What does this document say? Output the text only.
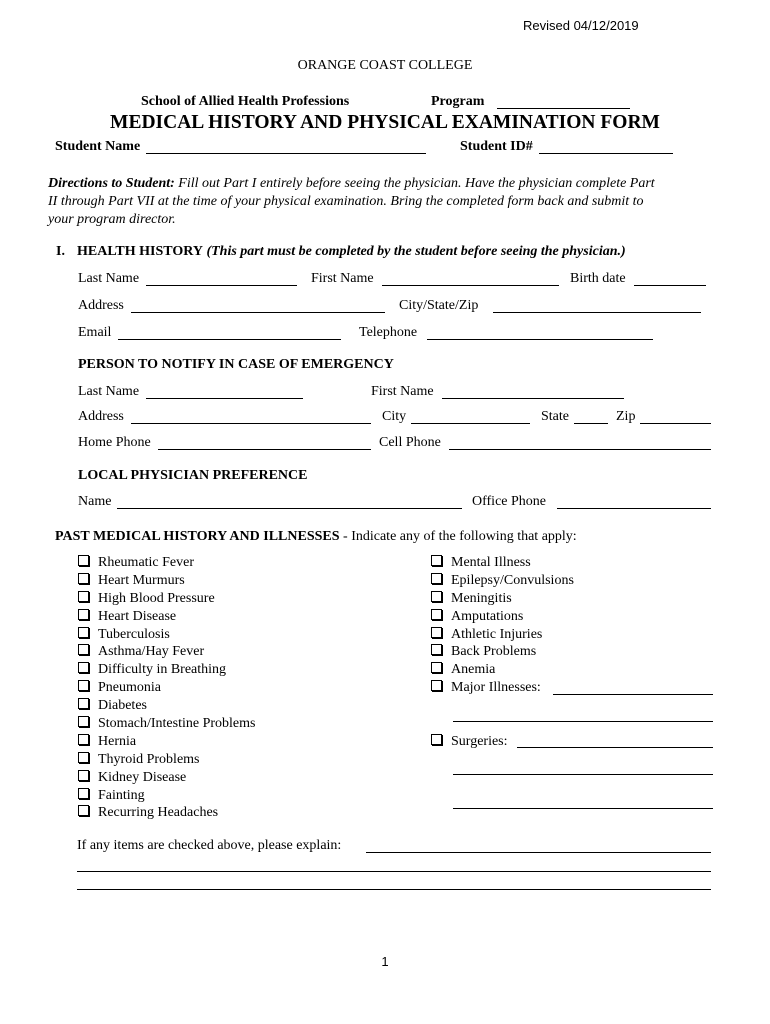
Revised 04/12/2019
ORANGE COAST COLLEGE
School of Allied Health Professions	Program
MEDICAL HISTORY AND PHYSICAL EXAMINATION FORM
Student Name	Student ID#
Directions to Student: Fill out Part I entirely before seeing the physician. Have the physician complete Part
II through Part VII at the time of your physical examination. Bring the completed form back and submit to
your program director.
I. HEALTH HISTORY (This part must be completed by the student before seeing the physician.)
Last Name	First Name	Birth date
Address	City/State/Zip
Email	Telephone
PERSON TO NOTIFY IN CASE OF EMERGENCY
Last Name	First Name
Address	City	State	Zip
Home Phone	Cell Phone
LOCAL PHYSICIAN PREFERENCE
Name	Office Phone
PAST MEDICAL HISTORY AND ILLNESSES - Indicate any of the following that apply:
Rheumatic Fever
Heart Murmurs
High Blood Pressure
Heart Disease
Tuberculosis
Asthma/Hay Fever
Difficulty in Breathing
Pneumonia
Diabetes
Stomach/Intestine Problems
Hernia
Thyroid Problems
Kidney Disease
Fainting
Recurring Headaches
Mental Illness
Epilepsy/Convulsions
Meningitis
Amputations
Athletic Injuries
Back Problems
Anemia
Major Illnesses:
Surgeries:
If any items are checked above, please explain:
1
